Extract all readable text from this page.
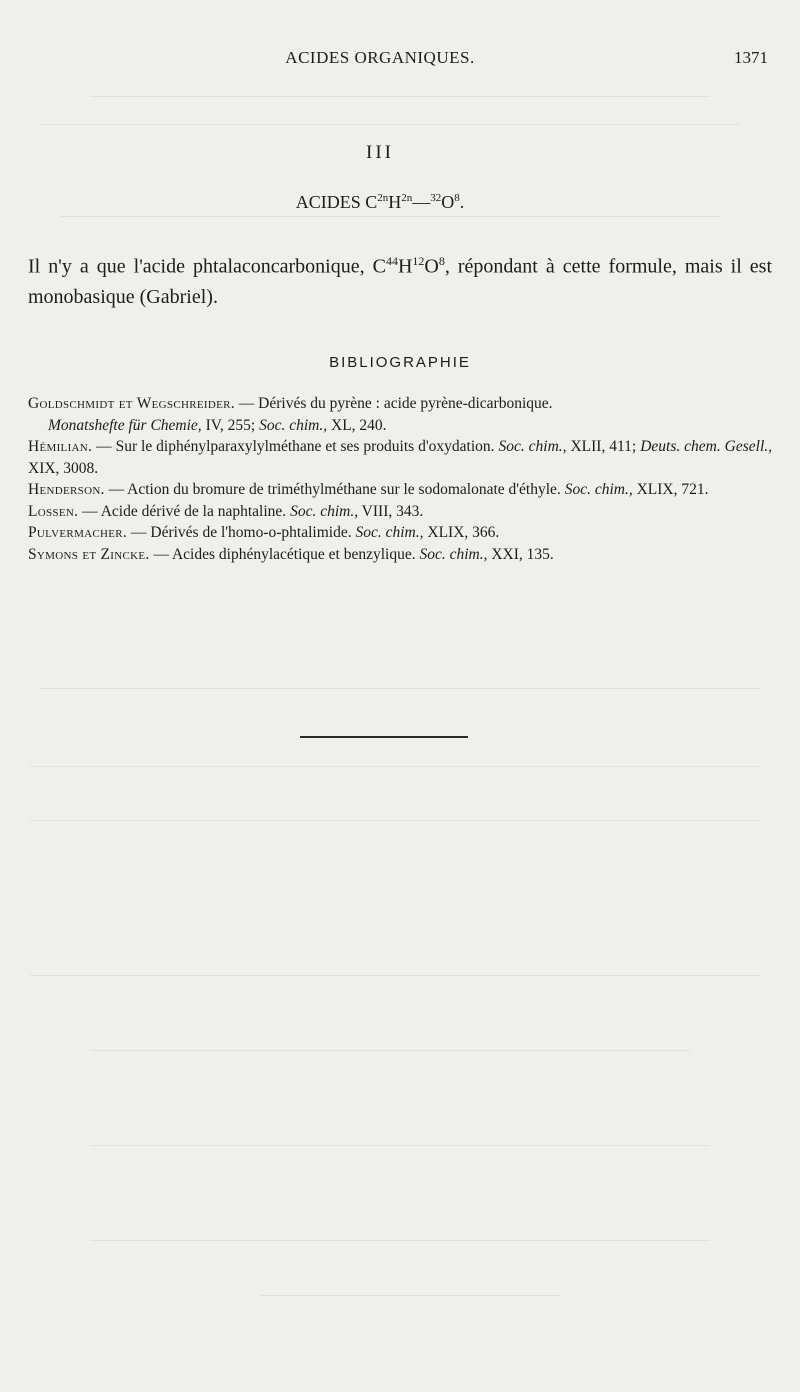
ACIDES ORGANIQUES.	1371
III
ACIDES $C^{2n}H^{2n}—^{32}O^8$.
Il n'y a que l'acide phtalaconcarbonique, $C^{44}H^{12}O^8$, répondant à cette formule, mais il est monobasique (Gabriel).
BIBLIOGRAPHIE

Goldschmidt et Wegschreider. — Dérivés du pyrène : acide pyrène-dicarbonique.
Monatshefte für Chemie, IV, 255; Soc. chim., XL, 240.

Hémilian. — Sur le diphénylparaxylylméthane et ses produits d'oxydation. Soc. chim., XLII, 411; Deuts. chem. Gesell., XIX, 3008.

Henderson. — Action du bromure de triméthylméthane sur le sodomalonate d'éthyle. Soc. chim., XLIX, 721.

Lossen. — Acide dérivé de la naphtaline. Soc. chim., VIII, 343.

Pulvermacher. — Dérivés de l'homo-o-phtalimide. Soc. chim., XLIX, 366.

Symons et Zincke. — Acides diphénylacétique et benzylique. Soc. chim., XXI, 135.
